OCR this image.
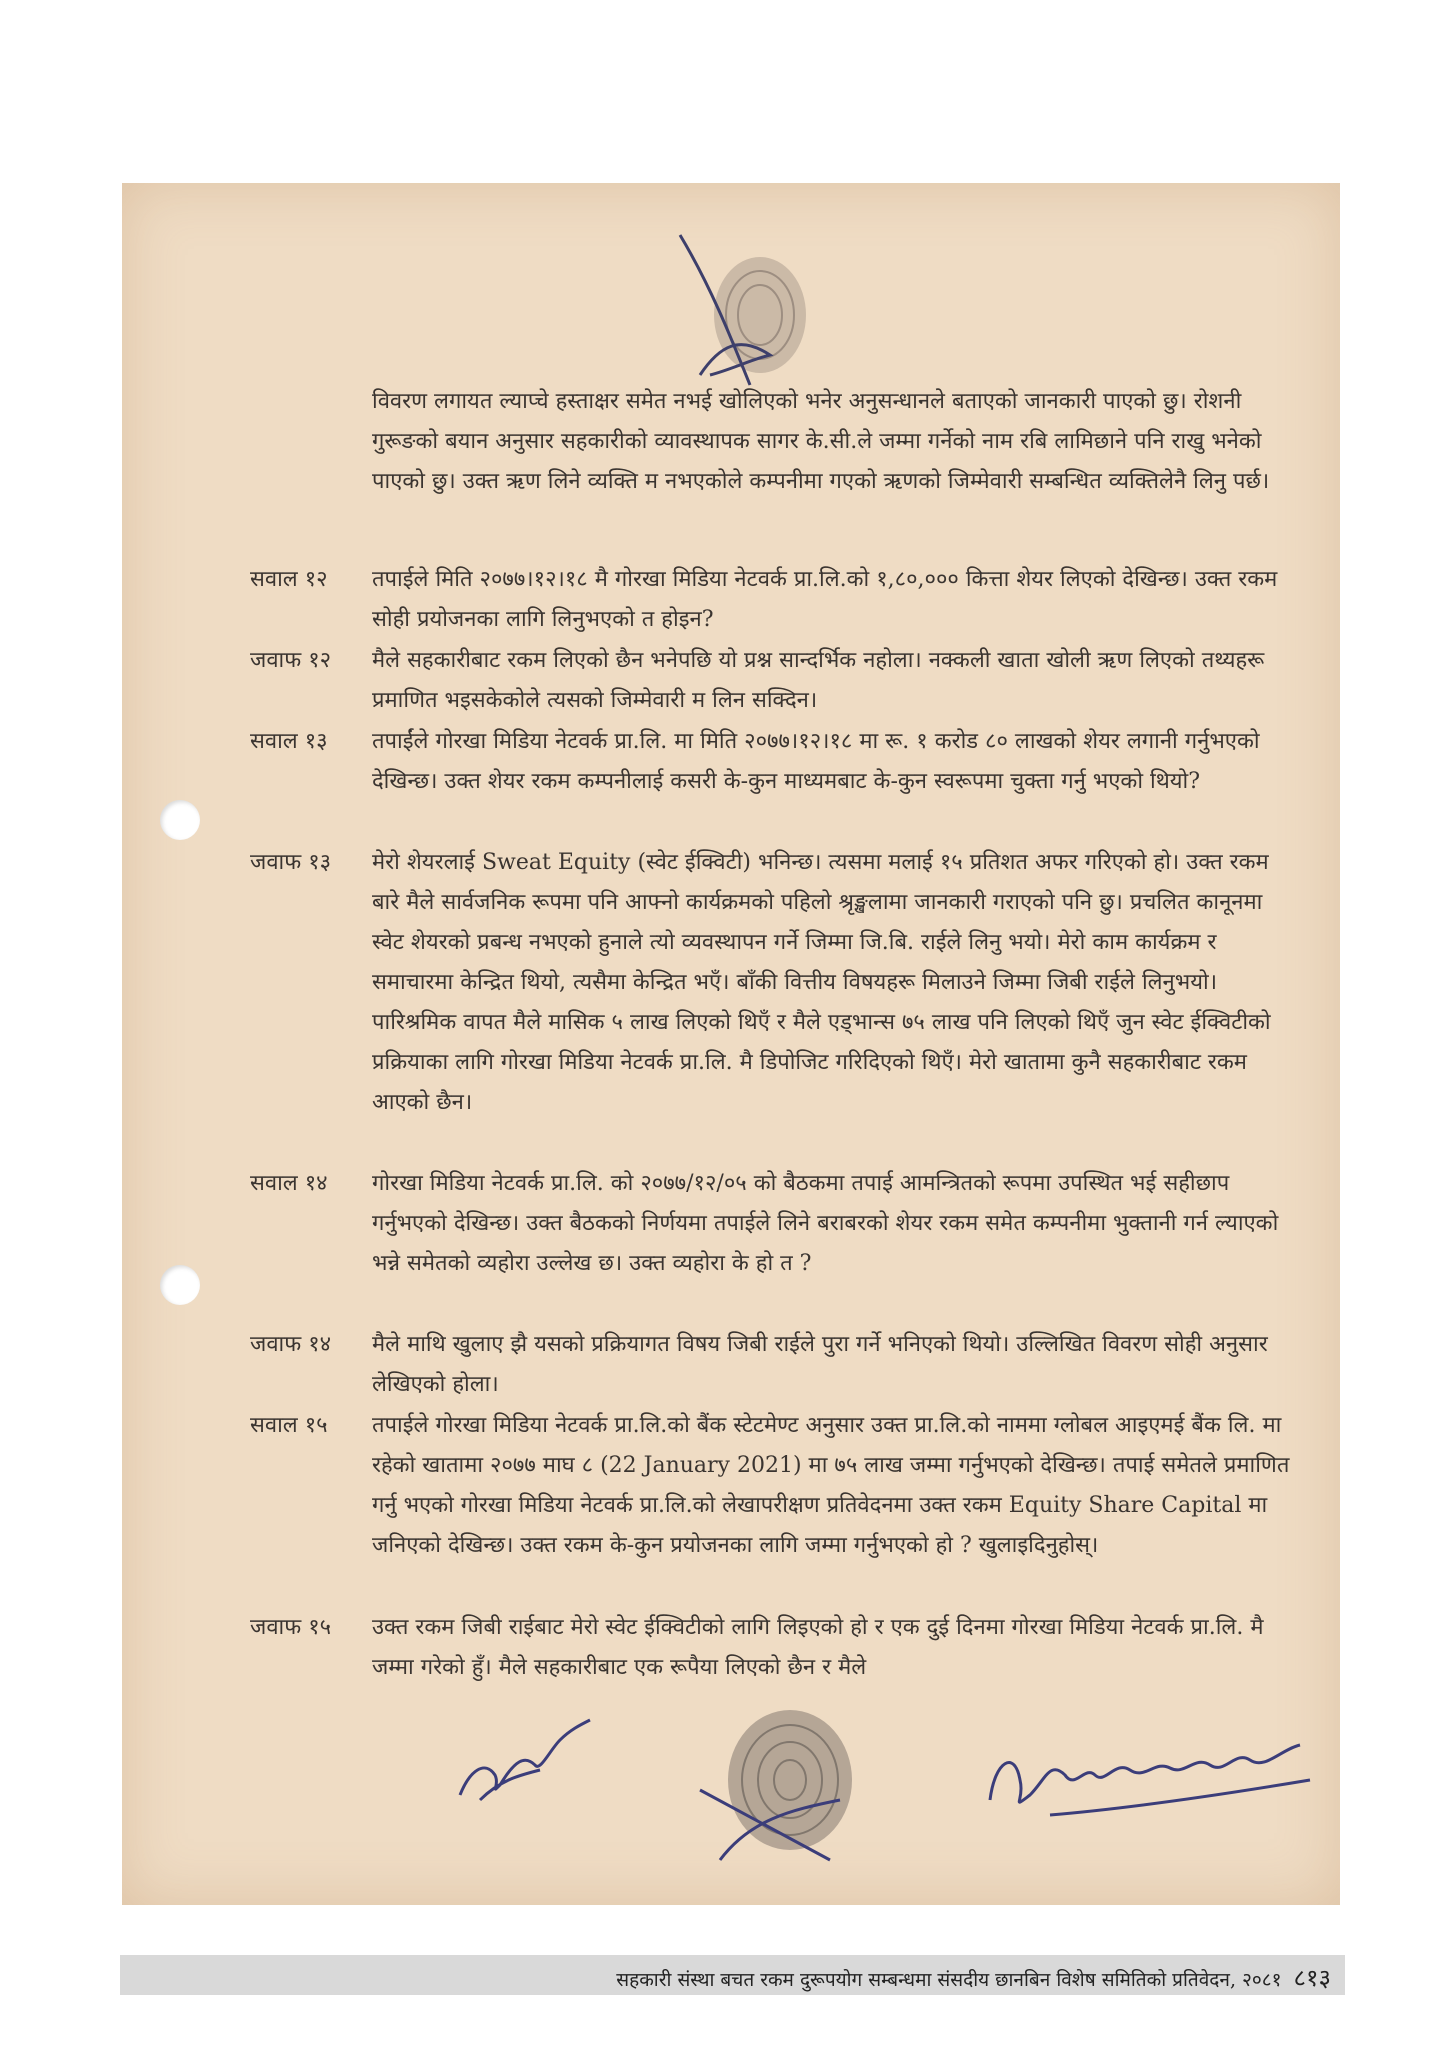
विवरण लगायत ल्याप्चे हस्ताक्षर समेत नभई खोलिएको भनेर अनुसन्धानले बताएको जानकारी पाएको छु। रोशनी गुरूङको बयान अनुसार सहकारीको व्यावस्थापक सागर के.सी.ले जम्मा गर्नेको नाम रबि लामिछाने पनि राखु भनेको पाएको छु। उक्त ऋण लिने व्यक्ति म नभएकोले कम्पनीमा गएको ऋणको जिम्मेवारी सम्बन्धित व्यक्तिलेनै लिनु पर्छ।

सवाल १२	तपाईले मिति २०७७।१२।१८ मै गोरखा मिडिया नेटवर्क प्रा.लि.को १,८०,००० कित्ता शेयर लिएको देखिन्छ। उक्त रकम सोही प्रयोजनका लागि लिनुभएको त होइन?

जवाफ १२	मैले सहकारीबाट रकम लिएको छैन भनेपछि यो प्रश्न सान्दर्भिक नहोला। नक्कली खाता खोली ऋण लिएको तथ्यहरू प्रमाणित भइसकेकोले त्यसको जिम्मेवारी म लिन सक्दिन।

सवाल १३	तपाईंले गोरखा मिडिया नेटवर्क प्रा.लि. मा मिति २०७७।१२।१८ मा रू. १ करोड ८० लाखको शेयर लगानी गर्नुभएको देखिन्छ। उक्त शेयर रकम कम्पनीलाई कसरी के-कुन माध्यमबाट के-कुन स्वरूपमा चुक्ता गर्नु भएको थियो?

जवाफ १३	मेरो शेयरलाई Sweat Equity (स्वेट ईक्विटी) भनिन्छ। त्यसमा मलाई १५ प्रतिशत अफर गरिएको हो। उक्त रकम बारे मैले सार्वजनिक रूपमा पनि आफ्नो कार्यक्रमको पहिलो श्रृङ्खलामा जानकारी गराएको पनि छु। प्रचलित कानूनमा स्वेट शेयरको प्रबन्ध नभएको हुनाले त्यो व्यवस्थापन गर्ने जिम्मा जि.बि. राईले लिनु भयो। मेरो काम कार्यक्रम र समाचारमा केन्द्रित थियो, त्यसैमा केन्द्रित भएँ। बाँकी वित्तीय विषयहरू मिलाउने जिम्मा जिबी राईले लिनुभयो। पारिश्रमिक वापत मैले मासिक ५ लाख लिएको थिएँ र मैले एड्भान्स ७५ लाख पनि लिएको थिएँ जुन स्वेट ईक्विटीको प्रक्रियाका लागि गोरखा मिडिया नेटवर्क प्रा.लि. मै डिपोजिट गरिदिएको थिएँ। मेरो खातामा कुनै सहकारीबाट रकम आएको छैन।

सवाल १४	गोरखा मिडिया नेटवर्क प्रा.लि. को २०७७/१२/०५ को बैठकमा तपाई आमन्त्रितको रूपमा उपस्थित भई सहीछाप गर्नुभएको देखिन्छ। उक्त बैठकको निर्णयमा तपाईले लिने बराबरको शेयर रकम समेत कम्पनीमा भुक्तानी गर्न ल्याएको भन्ने समेतको व्यहोरा उल्लेख छ। उक्त व्यहोरा के हो त ?

जवाफ १४	मैले माथि खुलाए झै यसको प्रक्रियागत विषय जिबी राईले पुरा गर्ने भनिएको थियो। उल्लिखित विवरण सोही अनुसार लेखिएको होला।

सवाल १५	तपाईले गोरखा मिडिया नेटवर्क प्रा.लि.को बैंक स्टेटमेण्ट अनुसार उक्त प्रा.लि.को नाममा ग्लोबल आइएमई बैंक लि. मा रहेको खातामा २०७७ माघ ८ (22 January 2021) मा ७५ लाख जम्मा गर्नुभएको देखिन्छ। तपाई समेतले प्रमाणित गर्नु भएको गोरखा मिडिया नेटवर्क प्रा.लि.को लेखापरीक्षण प्रतिवेदनमा उक्त रकम Equity Share Capital मा जनिएको देखिन्छ। उक्त रकम के-कुन प्रयोजनका लागि जम्मा गर्नुभएको हो ? खुलाइदिनुहोस्।

जवाफ १५	उक्त रकम जिबी राईबाट मेरो स्वेट ईक्विटीको लागि लिइएको हो र एक दुई दिनमा गोरखा मिडिया नेटवर्क प्रा.लि. मै जम्मा गरेको हुँ। मैले सहकारीबाट एक रूपैया लिएको छैन र मैले

सहकारी संस्था बचत रकम दुरूपयोग सम्बन्धमा संसदीय छानबिन विशेष समितिको प्रतिवेदन, २०८१ ८१३
